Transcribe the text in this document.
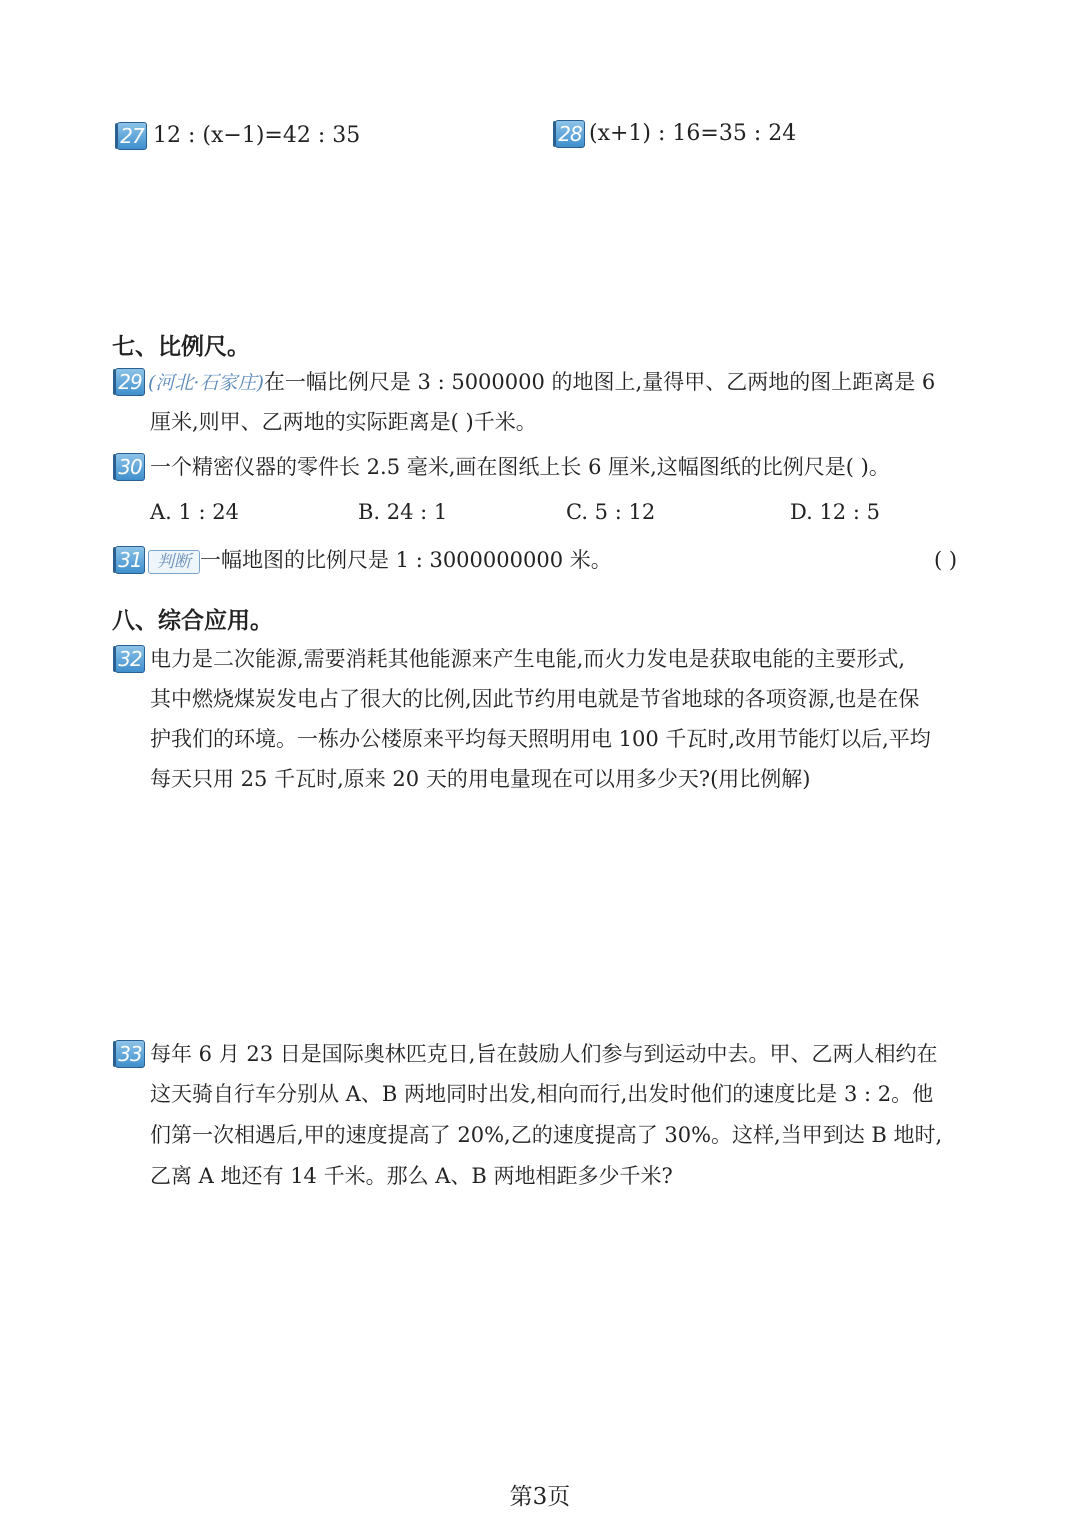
27 12 : (x−1)=42 : 35	28 (x+1) : 16=35 : 24
七、比例尺。
29 (河北·石家庄)在一幅比例尺是 3 : 5000000 的地图上,量得甲、乙两地的图上距离是 6
厘米,则甲、乙两地的实际距离是( )千米。
30 一个精密仪器的零件长 2.5 毫米,画在图纸上长 6 厘米,这幅图纸的比例尺是( )。
A. 1 : 24	B. 24 : 1	C. 5 : 12	D. 12 : 5
31 判断 一幅地图的比例尺是 1 : 3000000000 米。	( )
八、综合应用。
32 电力是二次能源,需要消耗其他能源来产生电能,而火力发电是获取电能的主要形式,
其中燃烧煤炭发电占了很大的比例,因此节约用电就是节省地球的各项资源,也是在保
护我们的环境。一栋办公楼原来平均每天照明用电 100 千瓦时,改用节能灯以后,平均
每天只用 25 千瓦时,原来 20 天的用电量现在可以用多少天?(用比例解)
33 每年 6 月 23 日是国际奥林匹克日,旨在鼓励人们参与到运动中去。甲、乙两人相约在
这天骑自行车分别从 A、B 两地同时出发,相向而行,出发时他们的速度比是 3 : 2。他
们第一次相遇后,甲的速度提高了 20%,乙的速度提高了 30%。这样,当甲到达 B 地时,
乙离 A 地还有 14 千米。那么 A、B 两地相距多少千米?
第3页
